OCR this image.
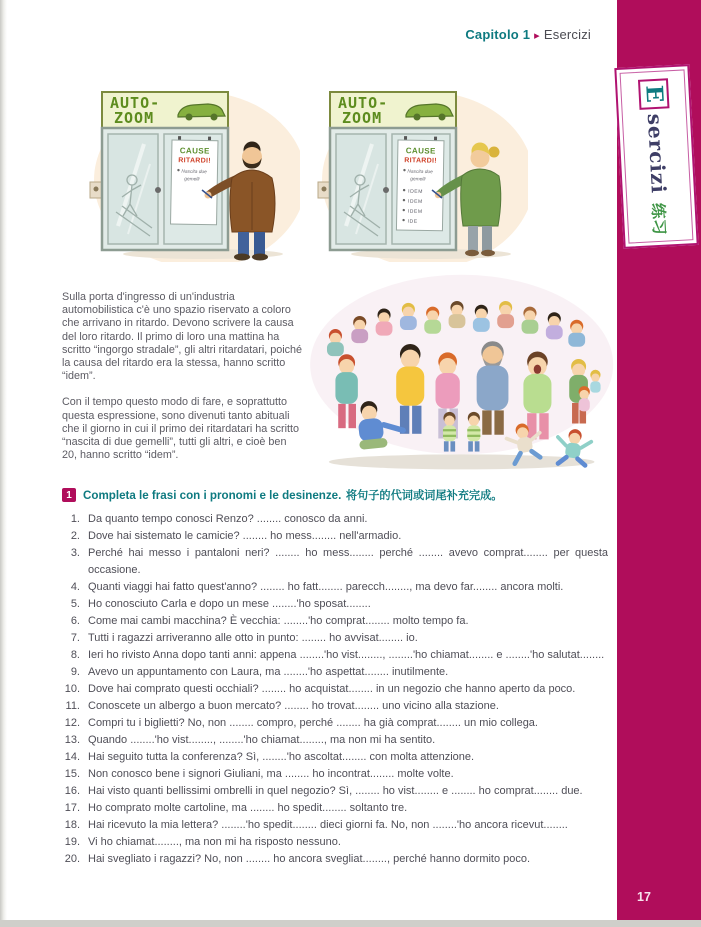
Capitolo 1 ▸ Esercizi
AUTO-
ZOOM
CAUSE
RITARDI!
Nascita due
gemelli
AUTO-
ZOOM
CAUSE
RITARDI!
Nascita due
gemelli
IDEM
IDEM
IDEM
IDE

Sulla porta d'ingresso di un'industria automobilistica c'è uno spazio riservato a coloro che arrivano in ritardo. Devono scrivere la causa del loro ritardo. Il primo di loro una mattina ha scritto “ingorgo stradale”, gli altri ritardatari, poiché la causa del ritardo era la stessa, hanno scritto “idem”.

Con il tempo questo modo di fare, e soprattutto questa espressione, sono divenuti tanto abituali che il giorno in cui il primo dei ritardatari ha scritto “nascita di due gemelli”, tutti gli altri, e cioè ben 20, hanno scritto “idem”.

1 Completa le frasi con i pronomi e le desinenze. 将句子的代词或词尾补充完成。
1. Da quanto tempo conosci Renzo? ........ conosco da anni.
2. Dove hai sistemato le camicie? ........ ho mess........ nell'armadio.
3. Perché hai messo i pantaloni neri? ........ ho mess........ perché ........ avevo comprat........ per questa occasione.
4. Quanti viaggi hai fatto quest'anno? ........ ho fatt........ parecch........, ma devo far........ ancora molti.
5. Ho conosciuto Carla e dopo un mese ........'ho sposat........
6. Come mai cambi macchina? È vecchia: ........'ho comprat........ molto tempo fa.
7. Tutti i ragazzi arriveranno alle otto in punto: ........ ho avvisat........ io.
8. Ieri ho rivisto Anna dopo tanti anni: appena ........'ho vist........, ........'ho chiamat........ e ........'ho salutat........
9. Avevo un appuntamento con Laura, ma ........'ho aspettat........ inutilmente.
10. Dove hai comprato questi occhiali? ........ ho acquistat........ in un negozio che hanno aperto da poco.
11. Conoscete un albergo a buon mercato? ........ ho trovat........ uno vicino alla stazione.
12. Compri tu i biglietti? No, non ........ compro, perché ........ ha già comprat........ un mio collega.
13. Quando ........'ho vist........, ........'ho chiamat........, ma non mi ha sentito.
14. Hai seguito tutta la conferenza? Sì, ........'ho ascoltat........ con molta attenzione.
15. Non conosco bene i signori Giuliani, ma ........ ho incontrat........ molte volte.
16. Hai visto quanti bellissimi ombrelli in quel negozio? Sì, ........ ho vist........ e ........ ho comprat........ due.
17. Ho comprato molte cartoline, ma ........ ho spedit........ soltanto tre.
18. Hai ricevuto la mia lettera? ........'ho spedit........ dieci giorni fa. No, non ........'ho ancora ricevut........
19. Vi ho chiamat........, ma non mi ha risposto nessuno.
20. Hai svegliato i ragazzi? No, non ........ ho ancora svegliat........, perché hanno dormito poco.
E
sercizi
练习
17
